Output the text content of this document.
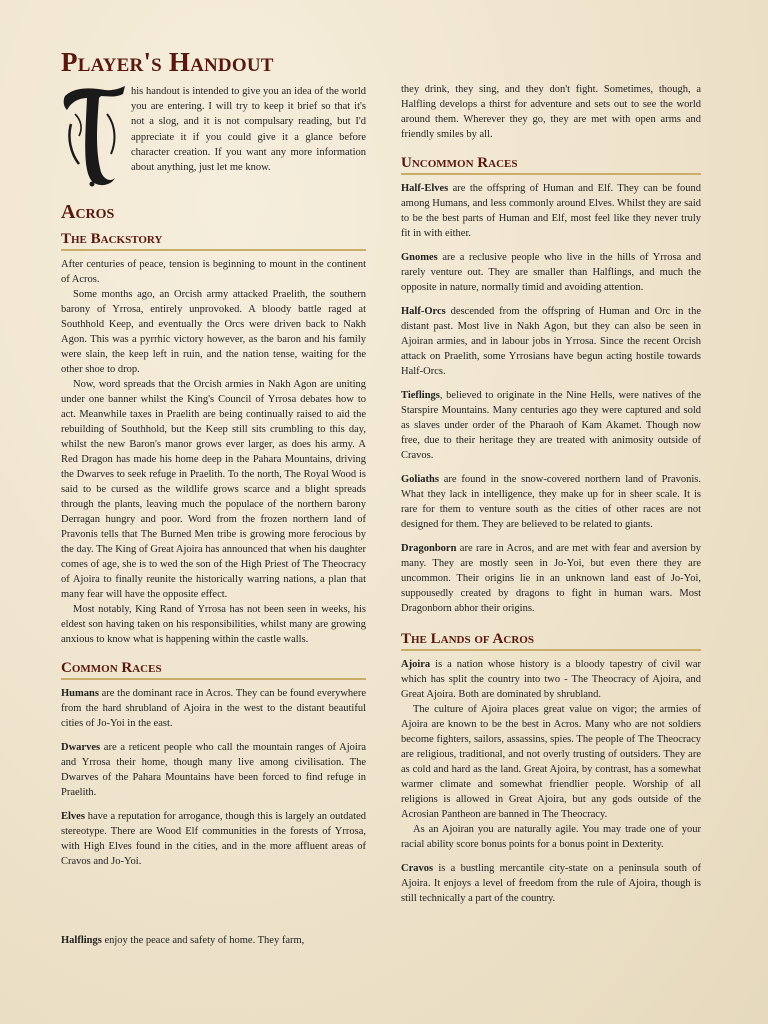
Player's Handout

his handout is intended to give you an idea of the world you are entering. I will try to keep it brief so that it's not a slog, and it is not compulsary reading, but I'd appreciate it if you could give it a glance before character creation. If you want any more information about anything, just let me know.

Acros
The Backstory

After centuries of peace, tension is beginning to mount in the continent of Acros.

Some months ago, an Orcish army attacked Praelith, the southern barony of Yrrosa, entirely unprovoked. A bloody battle raged at Southhold Keep, and eventually the Orcs were driven back to Nakh Agon. This was a pyrrhic victory however, as the baron and his family were slain, the keep left in ruin, and the nation tense, waiting for the other shoe to drop.

Now, word spreads that the Orcish armies in Nakh Agon are uniting under one banner whilst the King's Council of Yrrosa debates how to act. Meanwhile taxes in Praelith are being continually raised to aid the rebuilding of Southhold, but the Keep still sits crumbling to this day, whilst the new Baron's manor grows ever larger, as does his army. A Red Dragon has made his home deep in the Pahara Mountains, driving the Dwarves to seek refuge in Praelith. To the north, The Royal Wood is said to be cursed as the wildlife grows scarce and a blight spreads through the plants, leaving much the populace of the northern barony Derragan hungry and poor. Word from the frozen northern land of Pravonis tells that The Burned Men tribe is growing more ferocious by the day. The King of Great Ajoira has announced that when his daughter comes of age, she is to wed the son of the High Priest of The Theocracy of Ajoira to finally reunite the historically warring nations, a plan that many fear will have the opposite effect.

Most notably, King Rand of Yrrosa has not been seen in weeks, his eldest son having taken on his responsibilities, whilst many are growing anxious to know what is happening within the castle walls.

Common Races

Humans are the dominant race in Acros. They can be found everywhere from the hard shrubland of Ajoira in the west to the distant beautiful cities of Jo-Yoi in the east.

Dwarves are a reticent people who call the mountain ranges of Ajoira and Yrrosa their home, though many live among civilisation. The Dwarves of the Pahara Mountains have been forced to find refuge in Praelith.

Elves have a reputation for arrogance, though this is largely an outdated stereotype. There are Wood Elf communities in the forests of Yrrosa, with High Elves found in the cities, and in the more affluent areas of Cravos and Jo-Yoi.

Halflings enjoy the peace and safety of home. They farm,

Uncommon Races

Half-Elves are the offspring of Human and Elf. They can be found among Humans, and less commonly around Elves. Whilst they are said to be the best parts of Human and Elf, most feel like they never truly fit in with either.

Gnomes are a reclusive people who live in the hills of Yrrosa and rarely venture out. They are smaller than Halflings, and much the opposite in nature, normally timid and avoiding attention.

Half-Orcs descended from the offspring of Human and Orc in the distant past. Most live in Nakh Agon, but they can also be seen in Ajoiran armies, and in labour jobs in Yrrosa. Since the recent Orcish attack on Praelith, some Yrrosians have begun acting hostile towards Half-Orcs.

Tieflings, believed to originate in the Nine Hells, were natives of the Starspire Mountains. Many centuries ago they were captured and sold as slaves under order of the Pharaoh of Kam Akamet. Though now free, due to their heritage they are treated with animosity outside of Cravos.

Goliaths are found in the snow-covered northern land of Pravonis. What they lack in intelligence, they make up for in sheer scale. It is rare for them to venture south as the cities of other races are not designed for them. They are believed to be related to giants.

Dragonborn are rare in Acros, and are met with fear and aversion by many. They are mostly seen in Jo-Yoi, but even there they are uncommon. Their origins lie in an unknown land east of Jo-Yoi, suppousedly created by dragons to fight in human wars. Most Dragonborn abhor their origins.

The Lands of Acros

Ajoira is a nation whose history is a bloody tapestry of civil war which has split the country into two - The Theocracy of Ajoira, and Great Ajoira. Both are dominated by shrubland.

The culture of Ajoira places great value on vigor; the armies of Ajoira are known to be the best in Acros. Many who are not soldiers become fighters, sailors, assassins, spies. The people of The Theocracy are religious, traditional, and not overly trusting of outsiders. They are as cold and hard as the land. Great Ajoira, by contrast, has a somewhat warmer climate and somewhat friendlier people. Worship of all religions is allowed in Great Ajoira, but any gods outside of the Acrosian Pantheon are banned in The Theocracy.

As an Ajoiran you are naturally agile. You may trade one of your racial ability score bonus points for a bonus point in Dexterity.

Cravos is a bustling mercantile city-state on a peninsula south of Ajoira. It enjoys a level of freedom from the rule of Ajoira, though is still technically a part of the country.

they drink, they sing, and they don't fight. Sometimes, though, a Halfling develops a thirst for adventure and sets out to see the world around them. Wherever they go, they are met with open arms and friendly smiles by all.
